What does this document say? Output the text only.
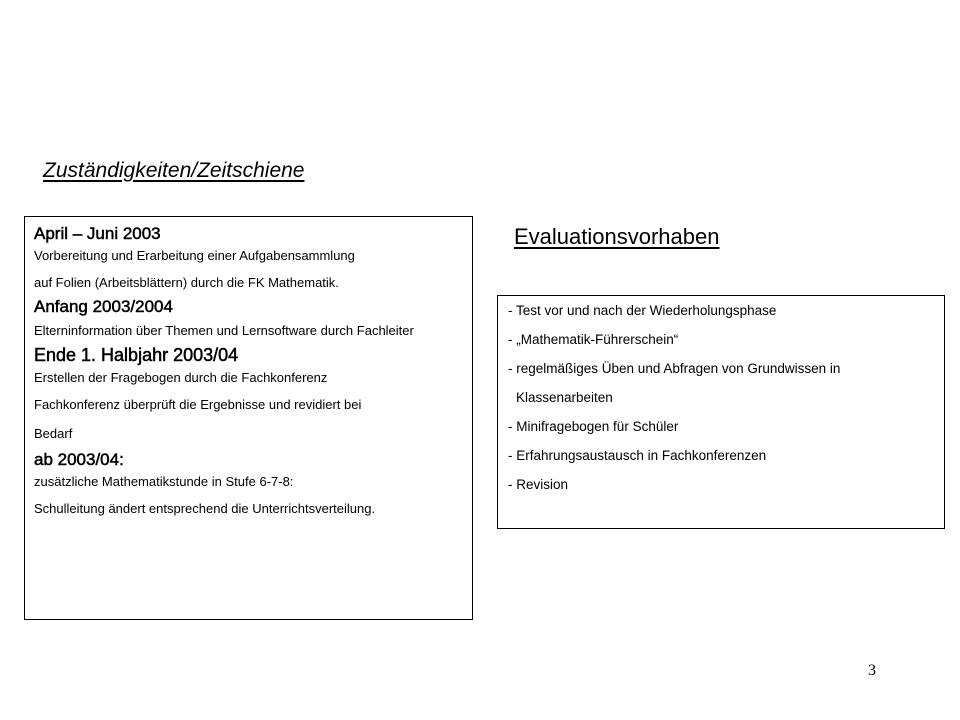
Zuständigkeiten/Zeitschiene
April – Juni 2003

Vorbereitung und Erarbeitung einer Aufgabensammlung

auf Folien (Arbeitsblättern) durch die FK Mathematik.

Anfang 2003/2004

Elterninformation über Themen und Lernsoftware durch Fachleiter

Ende 1. Halbjahr 2003/04

Erstellen der Fragebogen durch die Fachkonferenz

Fachkonferenz überprüft die Ergebnisse und revidiert bei

Bedarf

ab 2003/04:

zusätzliche Mathematikstunde in Stufe 6-7-8:

Schulleitung ändert entsprechend die Unterrichtsverteilung.

Evaluationsvorhaben

- Test vor und nach der Wiederholungsphase

- „Mathematik-Führerschein“

- regelmäßiges Üben und Abfragen von Grundwissen in

Klassenarbeiten

- Minifragebogen für Schüler

- Erfahrungsaustausch in Fachkonferenzen

- Revision

3
